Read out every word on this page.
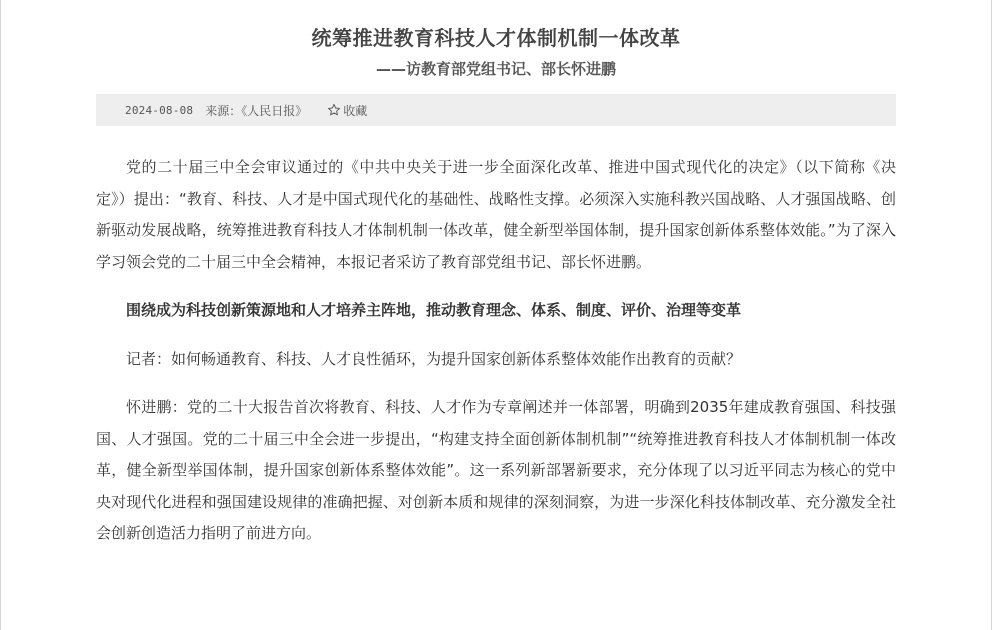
统筹推进教育科技人才体制机制一体改革
——访教育部党组书记、部长怀进鹏
2024-08-08 来源：《人民日报》	收藏

党的二十届三中全会审议通过的《中共中央关于进一步全面深化改革、推进中国式现代化的决定》（以下简称《决定》）提出：“教育、科技、人才是中国式现代化的基础性、战略性支撑。必须深入实施科教兴国战略、人才强国战略、创新驱动发展战略，统筹推进教育科技人才体制机制一体改革，健全新型举国体制，提升国家创新体系整体效能。”为了深入学习领会党的二十届三中全会精神，本报记者采访了教育部党组书记、部长怀进鹏。

围绕成为科技创新策源地和人才培养主阵地，推动教育理念、体系、制度、评价、治理等变革

记者：如何畅通教育、科技、人才良性循环，为提升国家创新体系整体效能作出教育的贡献？

怀进鹏：党的二十大报告首次将教育、科技、人才作为专章阐述并一体部署，明确到2035年建成教育强国、科技强国、人才强国。党的二十届三中全会进一步提出，“构建支持全面创新体制机制”“统筹推进教育科技人才体制机制一体改革，健全新型举国体制，提升国家创新体系整体效能”。这一系列新部署新要求，充分体现了以习近平同志为核心的党中央对现代化进程和强国建设规律的准确把握、对创新本质和规律的深刻洞察，为进一步深化科技体制改革、充分激发全社会创新创造活力指明了前进方向。
